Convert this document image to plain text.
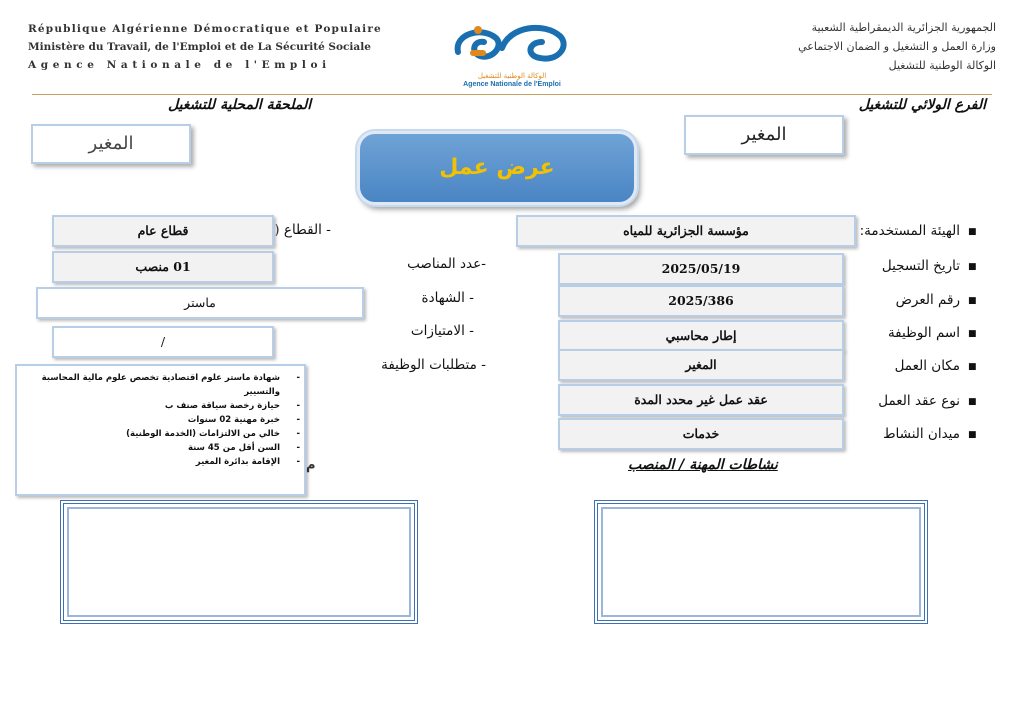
République Algérienne Démocratique et Populaire
Ministère du Travail, de l'Emploi et de La Sécurité Sociale
Agence Nationale de l'Emploi
الوكالة الوطنية للتشغيل
Agence Nationale de l'Emploi
الجمهورية الجزائرية الديمقراطية الشعبية
وزارة العمل و التشغيل و الضمان الاجتماعي
الوكالة الوطنية للتشغيل
الفرع الولائي للتشغيل
الملحقة المحلية للتشغيل
المغير
المغير
عرض عمل
■
■
■
■
■
■
■
الهيئة المستخدمة:
تاريخ التسجيل
رقم العرض
اسم الوظيفة
مكان العمل
نوع عقد العمل
ميدان النشاط
مؤسسة الجزائرية للمياه
2025/05/19
2025/386
إطار محاسبي
المغير
عقد عمل غير محدد المدة
خدمات
- القطاع (
-عدد المناصب
- الشهادة
- الامتيازات
- متطلبات الوظيفة
قطاع عام
01 منصب
ماستر
/
- شهادة ماستر علوم اقتصادية تخصص علوم مالية المحاسبة والتسيير
- حيازة رخصة سياقة صنف ب
- خبرة مهنية 02 سنوات
- خالي من الالتزامات (الخدمة الوطنية)
- السن أقل من 45 سنة
- الإقامة بدائرة المغير م	نشاطات المهنة / المنصب
